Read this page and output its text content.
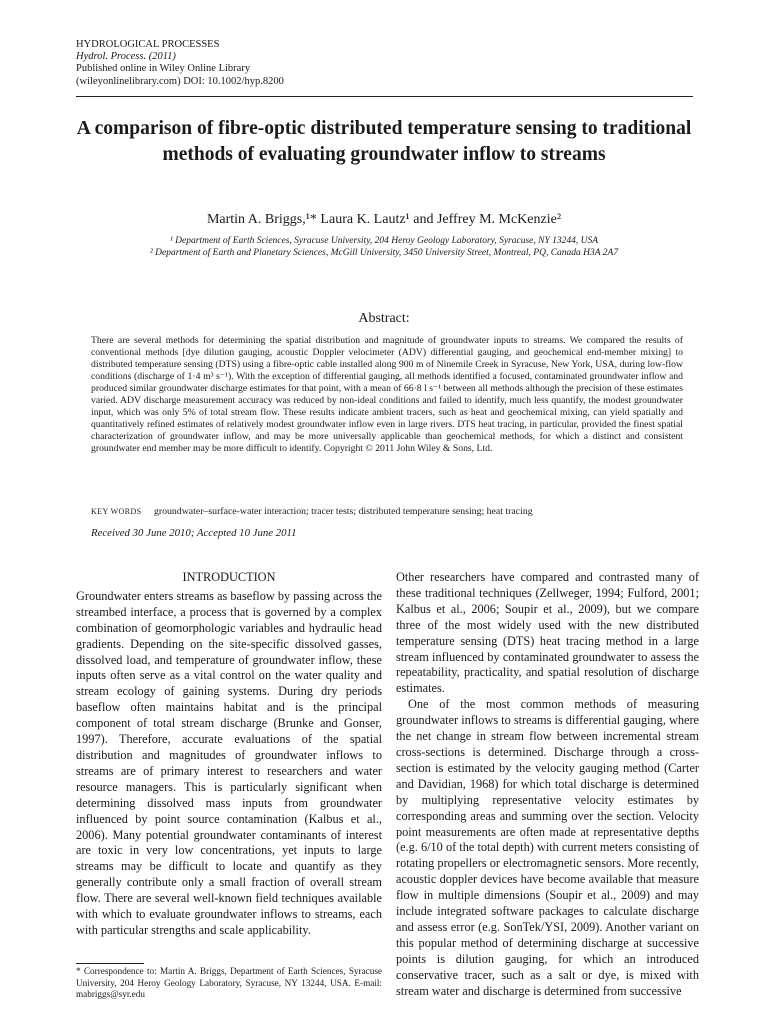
HYDROLOGICAL PROCESSES
Hydrol. Process. (2011)
Published online in Wiley Online Library
(wileyonlinelibrary.com) DOI: 10.1002/hyp.8200
A comparison of fibre-optic distributed temperature sensing to traditional methods of evaluating groundwater inflow to streams
Martin A. Briggs,¹* Laura K. Lautz¹ and Jeffrey M. McKenzie²
¹ Department of Earth Sciences, Syracuse University, 204 Heroy Geology Laboratory, Syracuse, NY 13244, USA
² Department of Earth and Planetary Sciences, McGill University, 3450 University Street, Montreal, PQ, Canada H3A 2A7
Abstract:
There are several methods for determining the spatial distribution and magnitude of groundwater inputs to streams. We compared the results of conventional methods [dye dilution gauging, acoustic Doppler velocimeter (ADV) differential gauging, and geochemical end-member mixing] to distributed temperature sensing (DTS) using a fibre-optic cable installed along 900 m of Ninemile Creek in Syracuse, New York, USA, during low-flow conditions (discharge of 1·4 m³ s⁻¹). With the exception of differential gauging, all methods identified a focused, contaminated groundwater inflow and produced similar groundwater discharge estimates for that point, with a mean of 66·8 l s⁻¹ between all methods although the precision of these estimates varied. ADV discharge measurement accuracy was reduced by non-ideal conditions and failed to identify, much less quantify, the modest groundwater input, which was only 5% of total stream flow. These results indicate ambient tracers, such as heat and geochemical mixing, can yield spatially and quantitatively refined estimates of relatively modest groundwater inflow even in large rivers. DTS heat tracing, in particular, provided the finest spatial characterization of groundwater inflow, and may be more universally applicable than geochemical methods, for which a distinct and consistent groundwater end member may be more difficult to identify. Copyright © 2011 John Wiley & Sons, Ltd.
KEY WORDS groundwater–surface-water interaction; tracer tests; distributed temperature sensing; heat tracing
Received 30 June 2010; Accepted 10 June 2011
INTRODUCTION

Groundwater enters streams as baseflow by passing across the streambed interface, a process that is governed by a complex combination of geomorphologic variables and hydraulic head gradients. Depending on the site-specific dissolved gasses, dissolved load, and temperature of groundwater inflow, these inputs often serve as a vital control on the water quality and stream ecology of gaining systems. During dry periods baseflow often maintains habitat and is the principal component of total stream discharge (Brunke and Gonser, 1997). Therefore, accurate evaluations of the spatial distribution and magnitudes of groundwater inflows to streams are of primary interest to researchers and water resource managers. This is particularly significant when determining dissolved mass inputs from groundwater influenced by point source contamination (Kalbus et al., 2006). Many potential groundwater contaminants of interest are toxic in very low concentrations, yet inputs to large streams may be difficult to locate and quantify as they generally contribute only a small fraction of overall stream flow. There are several well-known field techniques available with which to evaluate groundwater inflows to streams, each with particular strengths and scale applicability.

Other researchers have compared and contrasted many of these traditional techniques (Zellweger, 1994; Fulford, 2001; Kalbus et al., 2006; Soupir et al., 2009), but we compare three of the most widely used with the new distributed temperature sensing (DTS) heat tracing method in a large stream influenced by contaminated groundwater to assess the repeatability, practicality, and spatial resolution of discharge estimates.

One of the most common methods of measuring groundwater inflows to streams is differential gauging, where the net change in stream flow between incremental stream cross-sections is determined. Discharge through a cross-section is estimated by the velocity gauging method (Carter and Davidian, 1968) for which total discharge is determined by multiplying representative velocity estimates by corresponding areas and summing over the section. Velocity point measurements are often made at representative depths (e.g. 6/10 of the total depth) with current meters consisting of rotating propellers or electromagnetic sensors. More recently, acoustic doppler devices have become available that measure flow in multiple dimensions (Soupir et al., 2009) and may include integrated software packages to calculate discharge and assess error (e.g. SonTek/YSI, 2009). Another variant on this popular method of determining discharge at successive points is dilution gauging, for which an introduced conservative tracer, such as a salt or dye, is mixed with stream water and discharge is determined from successive

* Correspondence to: Martin A. Briggs, Department of Earth Sciences, Syracuse University, 204 Heroy Geology Laboratory, Syracuse, NY 13244, USA. E-mail: mabriggs@syr.edu
